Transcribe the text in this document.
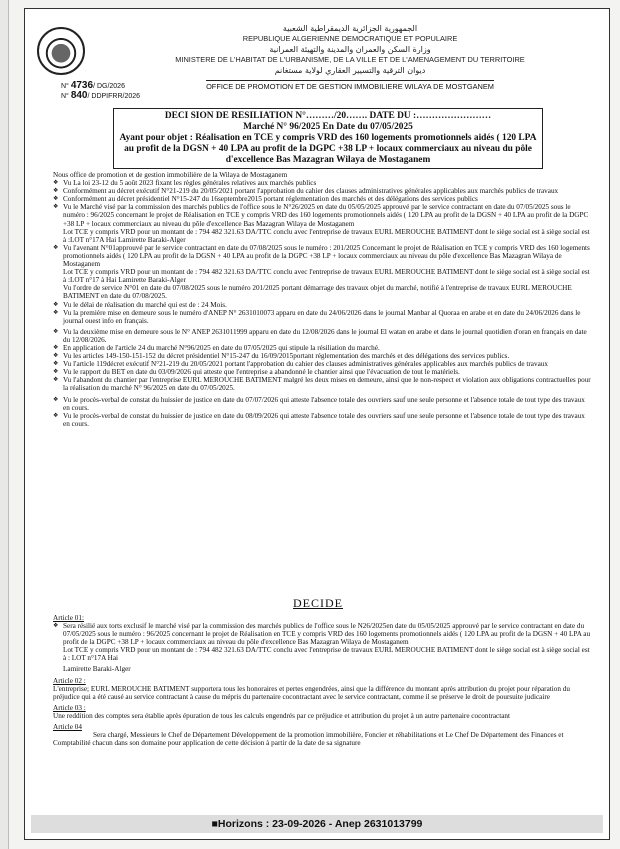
الجمهورية الجزائرية الديمقراطية الشعبية
REPUBLIQUE ALGERIENNE DEMOCRATIQUE ET POPULAIRE
وزارة السكن والعمران والمدينة والتهيئة العمرانية
MINISTERE DE L'HABITAT DE L'URBANISME, DE LA VILLE ET DE L'AMENAGEMENT DU TERRITOIRE
ديوان الترقية والتسيير العقاري لولاية مستغانم
OFFICE DE PROMOTION ET DE GESTION IMMOBILIERE WILAYA DE MOSTGANEM
N° 4736/ DG/2026
N° 840/ DDPIFRR/2026
DECI SION DE RESILIATION N°………/20……. DATE DU :……………………
Marché N° 96/2025 En Date du 07/05/2025
Ayant pour objet : Réalisation en TCE y compris VRD des 160 logements promotionnels aidés ( 120 LPA au profit de la DGSN + 40 LPA au profit de la DGPC +38 LP + locaux commerciaux au niveau du pôle d'excellence Bas Mazagran Wilaya de Mostaganem

Nous office de promotion et de gestion immobilière de la Wilaya de Mostaganem

❖ Vu La loi 23-12 du 5 août 2023 fixant les règles générales relatives aux marchés publics

❖ Conformément au décret exécutif N°21-219 du 20/05/2021 portant l'approbation du cahier des clauses administratives générales applicables aux marchés publics de travaux

❖ Conformément au décret présidentiel N°15-247 du 16septembre2015 portant réglementation des marchés et des délégations des services publics

❖ Vu le Marché visé par la commission des marchés publics de l'office sous le N°26/2025 en date du 05/05/2025 approuvé par le service contractant en date du 07/05/2025 sous le numéro : 96/2025 concernant le projet de Réalisation en TCE y compris VRD des 160 logements promotionnels aidés ( 120 LPA au profit de la DGSN + 40 LPA au profit de la DGPC +38 LP + locaux commerciaux au niveau du pôle d'excellence Bas Mazagran Wilaya de Mostaganem

Lot TCE y compris VRD pour un montant de : 794 482 321.63 DA/TTC conclu avec l'entreprise de travaux EURL MEROUCHE BATIMENT dont le siège social est à siège social est à :LOT n°17A Hai Lamirette Baraki-Alger

❖ Vu l'avenant N°01approuvé par le service contractant en date du 07/08/2025 sous le numéro : 201/2025 Concernant le projet de Réalisation en TCE y compris VRD des 160 logements promotionnels aidés ( 120 LPA au profit de la DGSN + 40 LPA au profit de la DGPC +38 LP + locaux commerciaux au niveau du pôle d'excellence Bas Mazagran Wilaya de Mostaganem

Lot TCE y compris VRD pour un montant de : 794 482 321.63 DA/TTC conclu avec l'entreprise de travaux EURL MEROUCHE BATIMENT dont le siège social est à siège social est à :LOT n°17 à Hai Lamirette Baraki-Alger

Vu l'ordre de service N°01 en date du 07/08/2025 sous le numéro 201/2025 portant démarrage des travaux objet du marché, notifié à l'entreprise de travaux EURL MEROUCHE BATIMENT en date du 07/08/2025.

❖ Vu le délai de réalisation du marché qui est de : 24 Mois.

❖ Vu la première mise en demeure sous le numéro d'ANEP N° 2631010073 apparu en date du 24/06/2026 dans le journal Manbar al Quoraa en arabe et en date du 24/06/2026 dans le journal ouest info en français.

❖ Vu la deuxième mise en demeure sous le N° ANEP 2631011999 apparu en date du 12/08/2026 dans le journal El watan en arabe et dans le journal quotidien d'oran en français en date du 12/08/2026.

❖ En application de l'article 24 du marché N°96/2025 en date du 07/05/2025 qui stipule la résiliation du marché.

❖ Vu les articles 149-150-151-152 du décret présidentiel N°15-247 du 16/09/2015portant réglementation des marchés et des délégations des services publics.

❖ Vu l'article 119décret exécutif N°21-219 du 20/05/2021 portant l'approbation du cahier des clauses administratives générales applicables aux marchés publics de travaux

❖ Vu le rapport du BET en date du 03/09/2026 qui atteste que l'entreprise a abandonné le chantier ainsi que l'évacuation de tout le matériels.

❖ Vu l'abandont du chantier par l'entreprise EURL MEROUCHE BATIMENT malgré les deux mises en demeure, ainsi que le non-respect et violation aux obligations contractuelles pour la réalisation du marché N° 96/2025 en date du 07/05/2025.

❖ Vu le procès-verbal de constat du huissier de justice en date du 07/07/2026 qui atteste l'absence totale des ouvriers sauf une seule personne et l'absence totale de tout type des travaux en cours.

❖ Vu le procès-verbal de constat du huissier de justice en date du 08/09/2026 qui atteste l'absence totale des ouvriers sauf une seule personne et l'absence totale de tout type des travaux en cours.

DECIDE

Article 01:

❖ Sera résilié aux torts exclusif le marché visé par la commission des marchés publics de l'office sous le N26/2025en date du 05/05/2025 approuvé par le service contractant en date du 07/05/2025 sous le numéro : 96/2025 concernant le projet de Réalisation en TCE y compris VRD des 160 logements promotionnels aidés ( 120 LPA au profit de la DGSN + 40 LPA au profit de la DGPC +38 LP + locaux commerciaux au niveau du pôle d'excellence Bas Mazagran Wilaya de Mostaganem

Lot TCE y compris VRD pour un montant de : 794 482 321.63 DA/TTC conclu avec l'entreprise de travaux EURL MEROUCHE BATIMENT dont le siège social est à siège social est à : LOT n°17A Hai

Lamirette Baraki-Alger

Article 02 :

L'entreprise; EURL MEROUCHE BATIMENT supportera tous les honoraires et pertes engendrées, ainsi que la différence du montant après attribution du projet pour réparation du préjudice qui a été causé au service contractant à cause du mépris du partenaire cocontractant avec le service contractant, comme il se préserve le droit de poursuite judicaire

Article 03 :

Une reddition des comptes sera établie après épuration de tous les calculs engendrés par ce préjudice et attribution du projet à un autre partenaire cocontractant

Article 04

Sera chargé, Messieurs le Chef de Département Développement de la promotion immobilière, Foncier et réhabilitations et Le Chef De Département des Finances et Comptabilité chacun dans son domaine pour application de cette décision à partir de la date de sa signature

■Horizons : 23-09-2026 - Anep 2631013799
